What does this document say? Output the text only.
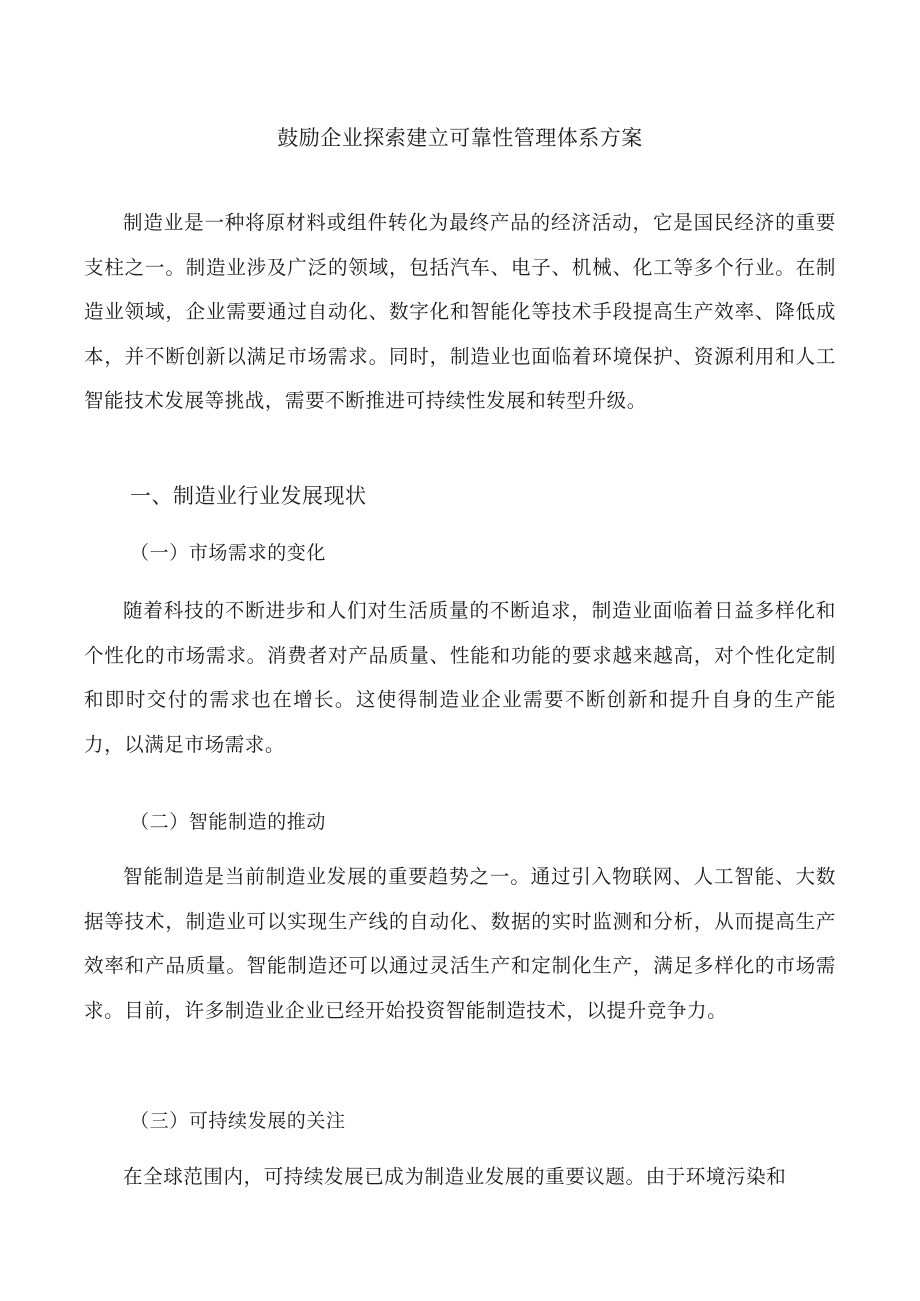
鼓励企业探索建立可靠性管理体系方案

制造业是一种将原材料或组件转化为最终产品的经济活动，它是国民经济的重要支柱之一。制造业涉及广泛的领域，包括汽车、电子、机械、化工等多个行业。在制造业领域，企业需要通过自动化、数字化和智能化等技术手段提高生产效率、降低成本，并不断创新以满足市场需求。同时，制造业也面临着环境保护、资源利用和人工智能技术发展等挑战，需要不断推进可持续性发展和转型升级。

一、制造业行业发展现状
（一）市场需求的变化

随着科技的不断进步和人们对生活质量的不断追求，制造业面临着日益多样化和个性化的市场需求。消费者对产品质量、性能和功能的要求越来越高，对个性化定制和即时交付的需求也在增长。这使得制造业企业需要不断创新和提升自身的生产能力，以满足市场需求。

（二）智能制造的推动

智能制造是当前制造业发展的重要趋势之一。通过引入物联网、人工智能、大数据等技术，制造业可以实现生产线的自动化、数据的实时监测和分析，从而提高生产效率和产品质量。智能制造还可以通过灵活生产和定制化生产，满足多样化的市场需求。目前，许多制造业企业已经开始投资智能制造技术，以提升竞争力。

（三）可持续发展的关注

在全球范围内，可持续发展已成为制造业发展的重要议题。由于环境污染和
